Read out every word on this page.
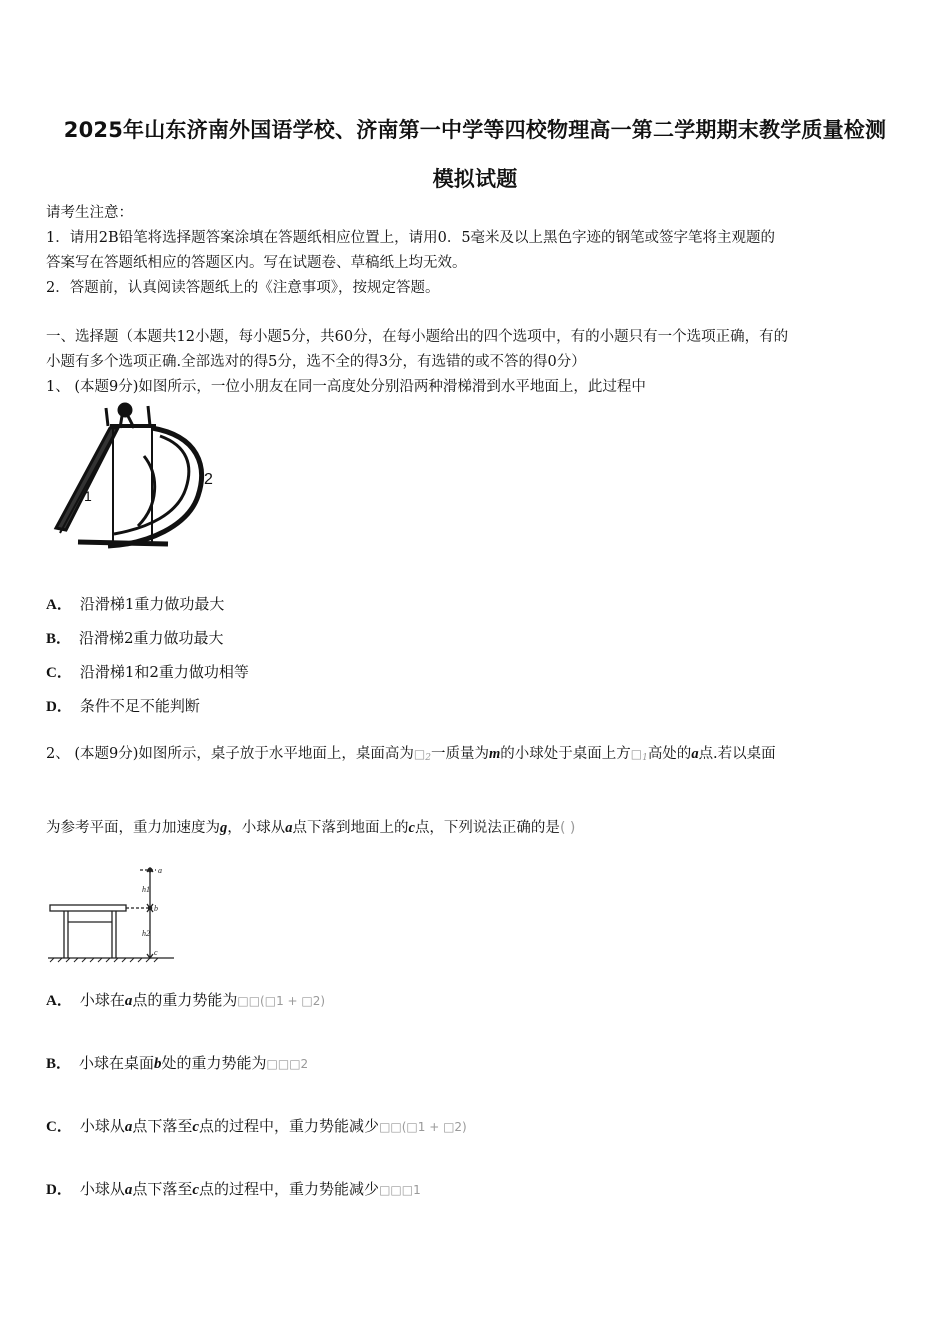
2025年山东济南外国语学校、济南第一中学等四校物理高一第二学期期末教学质量检测
模拟试题
请考生注意：
1．请用2B铅笔将选择题答案涂填在答题纸相应位置上，请用0．5毫米及以上黑色字迹的钢笔或签字笔将主观题的
答案写在答题纸相应的答题区内。写在试题卷、草稿纸上均无效。
2．答题前，认真阅读答题纸上的《注意事项》，按规定答题。
一、选择题（本题共12小题，每小题5分，共60分，在每小题给出的四个选项中，有的小题只有一个选项正确，有的
小题有多个选项正确.全部选对的得5分，选不全的得3分，有选错的或不答的得0分）
1、 (本题9分)如图所示，一位小朋友在同一高度处分别沿两种滑梯滑到水平地面上，此过程中
1
2
A． 沿滑梯1重力做功最大
B． 沿滑梯2重力做功最大
C． 沿滑梯1和2重力做功相等
D． 条件不足不能判断
2、 (本题9分)如图所示，桌子放于水平地面上，桌面高为□2一质量为m的小球处于桌面上方□1高处的a点.若以桌面
为参考平面，重力加速度为g，小球从a点下落到地面上的c点，下列说法正确的是( )
a
b
c
h1
h2
A． 小球在a点的重力势能为□□(□1 + □2)
B． 小球在桌面b处的重力势能为□□□2
C． 小球从a点下落至c点的过程中，重力势能减少□□(□1 + □2)
D． 小球从a点下落至c点的过程中，重力势能减少□□□1
